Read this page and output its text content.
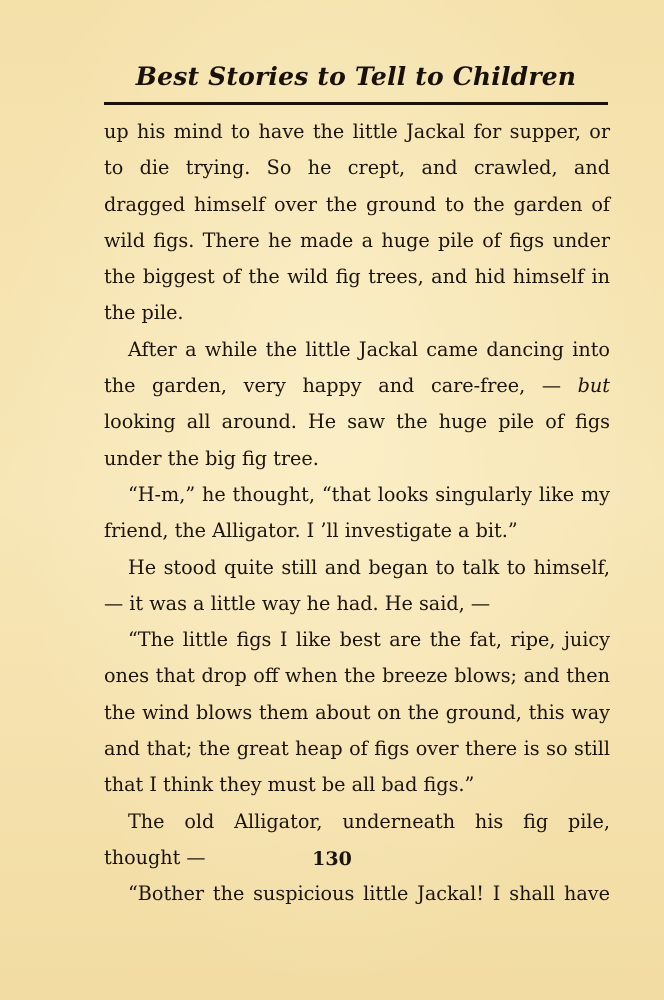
Best Stories to Tell to Children

up his mind to have the little Jackal for supper, or to die trying. So he crept, and crawled, and dragged himself over the ground to the garden of wild figs. There he made a huge pile of figs under the biggest of the wild fig trees, and hid himself in the pile.

After a while the little Jackal came dancing into the garden, very happy and care-free, — but looking all around. He saw the huge pile of figs under the big fig tree.

“H-m,” he thought, “that looks singularly like my friend, the Alligator. I ’ll investigate a bit.”

He stood quite still and began to talk to himself, — it was a little way he had. He said, —

“The little figs I like best are the fat, ripe, juicy ones that drop off when the breeze blows; and then the wind blows them about on the ground, this way and that; the great heap of figs over there is so still that I think they must be all bad figs.”

The old Alligator, underneath his fig pile, thought —

“Bother the suspicious little Jackal! I shall have

130
